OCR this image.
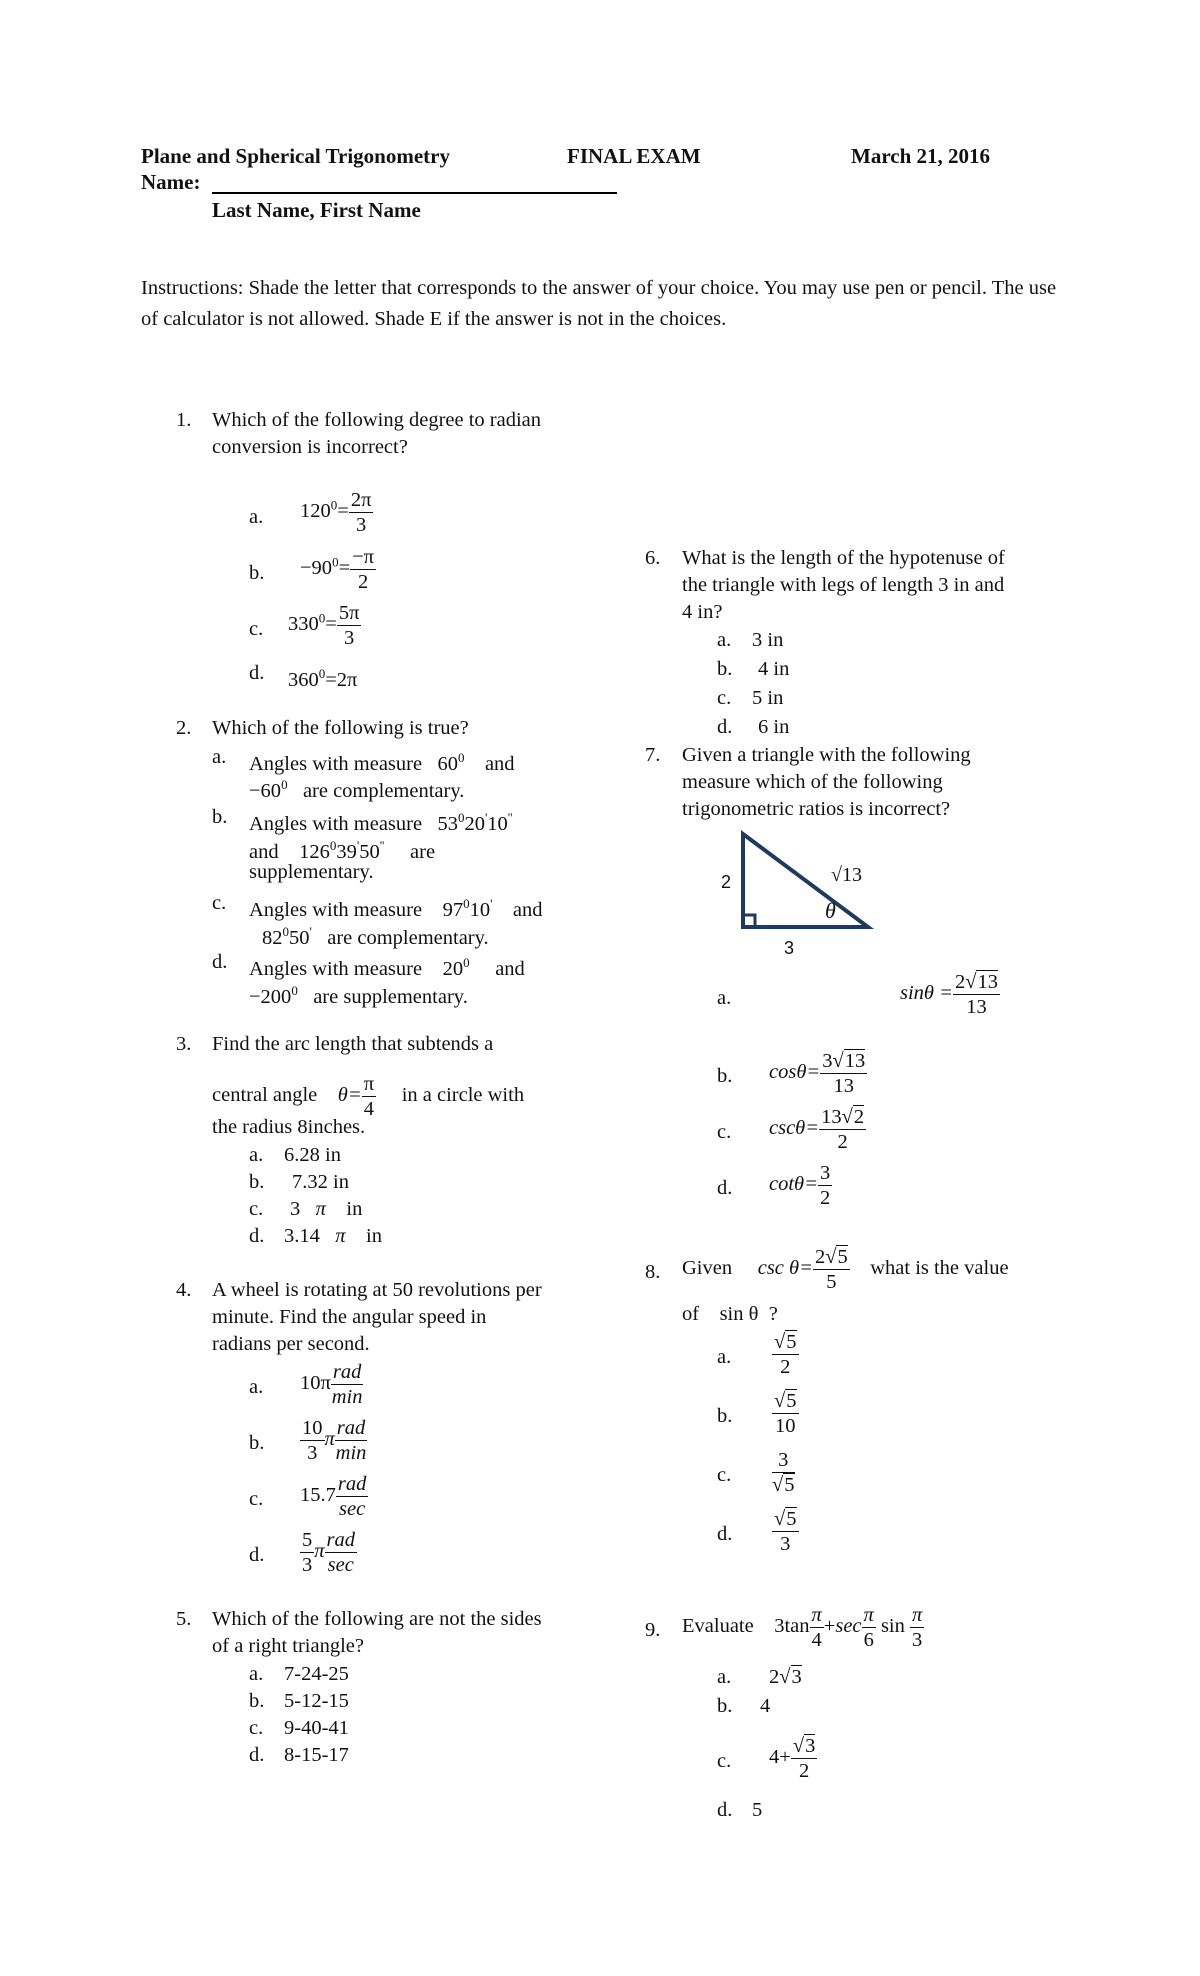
Plane and Spherical Trigonometry	FINAL EXAM	March 21, 2016
Name:
Last Name, First Name
Instructions: Shade the letter that corresponds to the answer of your choice. You may use pen or pencil. The use of calculator is not allowed. Shade E if the answer is not in the choices.
1. Which of the following degree to radian
conversion is incorrect?
a. $120^0= \frac{2\pi}{3}$
b. $-90^0= \frac{-\pi}{2}$
c. $330^0= \frac{5\pi}{3}$
d. $360^0=2\pi$
2. Which of the following is true?
a. Angles with measure $60^0$ and
$-60^0$ are complementary.
b. Angles with measure $53^020'10''$
and $126^039'50''$ are
supplementary.
c. Angles with measure $97^010'$ and
$82^050'$ are complementary.
d. Angles with measure $20^0$ and
$-200^0$ are supplementary.
3. Find the arc length that subtends a
central angle $\theta= \frac{\pi}{4}$ in a circle with
the radius 8inches.
a. 6.28 in
b. 7.32 in
c. 3 π in
d. 3.14 π in
4. A wheel is rotating at 50 revolutions per
minute. Find the angular speed in
radians per second.
a. $10\pi \frac{\text{rad}}{\min}$
b. $\frac{10}{3}$ π $\frac{\text{rad}}{\min}$
c. $15.7 \frac{\text{rad}}{\sec}$
d. $\frac{5}{3}$ π $\frac{\text{rad}}{\sec}$
5. Which of the following are not the sides
of a right triangle?
a. 7-24-25
b. 5-12-15
c. 9-40-41
d. 8-15-17
6. What is the length of the hypotenuse of
the triangle with legs of length 3 in and
4 in?
a. 3 in
b. 4 in
c. 5 in
d. 6 in
7. Given a triangle with the following
measure which of the following
trigonometric ratios is incorrect?
2
3
√13
θ
a.	$\sin\theta = \frac{2√13}{13}$
b. $\cos\theta= \frac{3√13}{13}$
c. $\csc\theta= \frac{13√2}{2}$
d. $\cot\theta= \frac{3}{2}$
8. Given $\csc \theta= \frac{2√5}{5}$ what is the value
of sin θ ?
a. $\frac{√5}{2}$
b. $\frac{√5}{10}$
c. $\frac{3}{√5}$
d. $\frac{√5}{3}$
9. Evaluate $3\tan \frac{\pi}{4} +\sec \frac{\pi}{6}$ $\sin \frac{\pi}{3}$
a. 2√3
b. 4
c. $4+ \frac{√3}{2}$
d. 5
